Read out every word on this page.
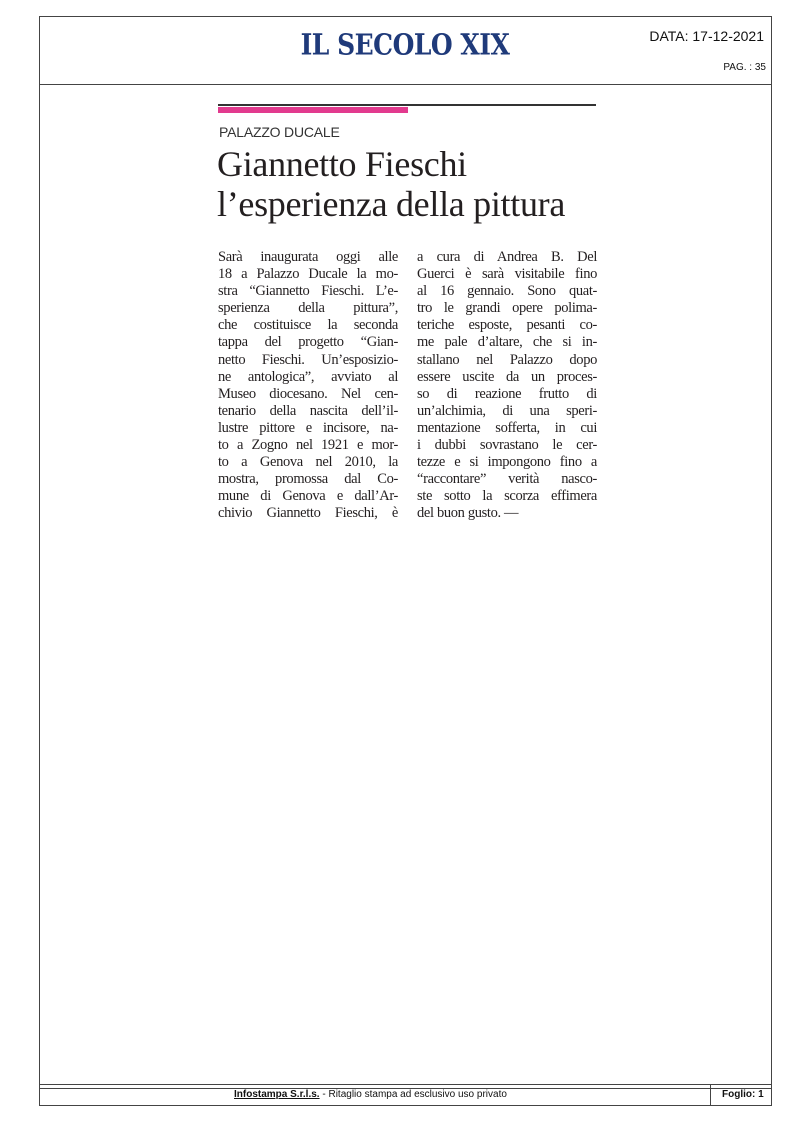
IL SECOLO XIX	DATA: 17-12-2021
PAG. : 35
PALAZZO DUCALE
Giannetto Fieschi
l’esperienza della pittura
Sarà inaugurata oggi alle
18 a Palazzo Ducale la mo-
stra “Giannetto Fieschi. L’e-
sperienza della pittura”,
che costituisce la seconda
tappa del progetto “Gian-
netto Fieschi. Un’esposizio-
ne antologica”, avviato al
Museo diocesano. Nel cen-
tenario della nascita dell’il-
lustre pittore e incisore, na-
to a Zogno nel 1921 e mor-
to a Genova nel 2010, la
mostra, promossa dal Co-
mune di Genova e dall’Ar-
chivio Giannetto Fieschi, è
a cura di Andrea B. Del
Guerci è sarà visitabile fino
al 16 gennaio. Sono quat-
tro le grandi opere polima-
teriche esposte, pesanti co-
me pale d’altare, che si in-
stallano nel Palazzo dopo
essere uscite da un proces-
so di reazione frutto di
un’alchimia, di una speri-
mentazione sofferta, in cui
i dubbi sovrastano le cer-
tezze e si impongono fino a
“raccontare” verità nasco-
ste sotto la scorza effimera
del buon gusto. —
Infostampa S.r.l.s. - Ritaglio stampa ad esclusivo uso privato	Foglio: 1
